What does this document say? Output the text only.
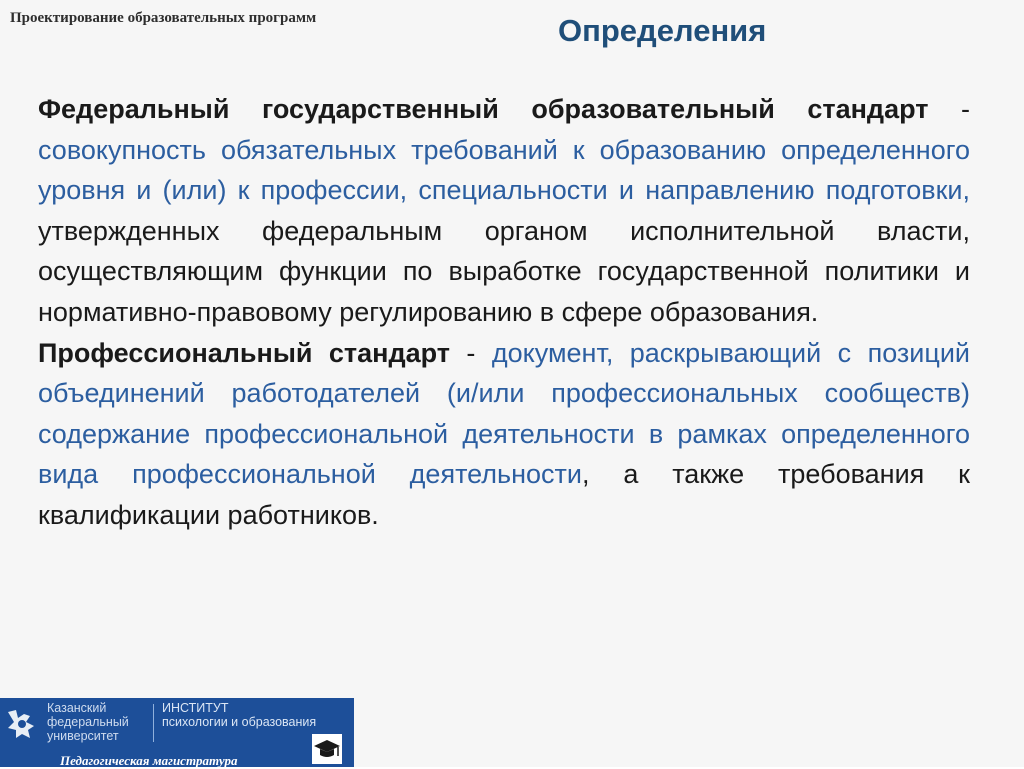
Проектирование образовательных программ	Определения

Федеральный государственный образовательный стандарт - совокупность обязательных требований к образованию определенного уровня и (или) к профессии, специальности и направлению подготовки, утвержденных федеральным органом исполнительной власти, осуществляющим функции по выработке государственной политики и нормативно-правовому регулированию в сфере образования.

Профессиональный стандарт - документ, раскрывающий с позиций объединений работодателей (и/или профессиональных сообществ) содержание профессиональной деятельности в рамках определенного вида профессиональной деятельности, а также требования к квалификации работников.

Казанский
федеральный
университет
ИНСТИТУТ
психологии и образования
Педагогическая магистратура
